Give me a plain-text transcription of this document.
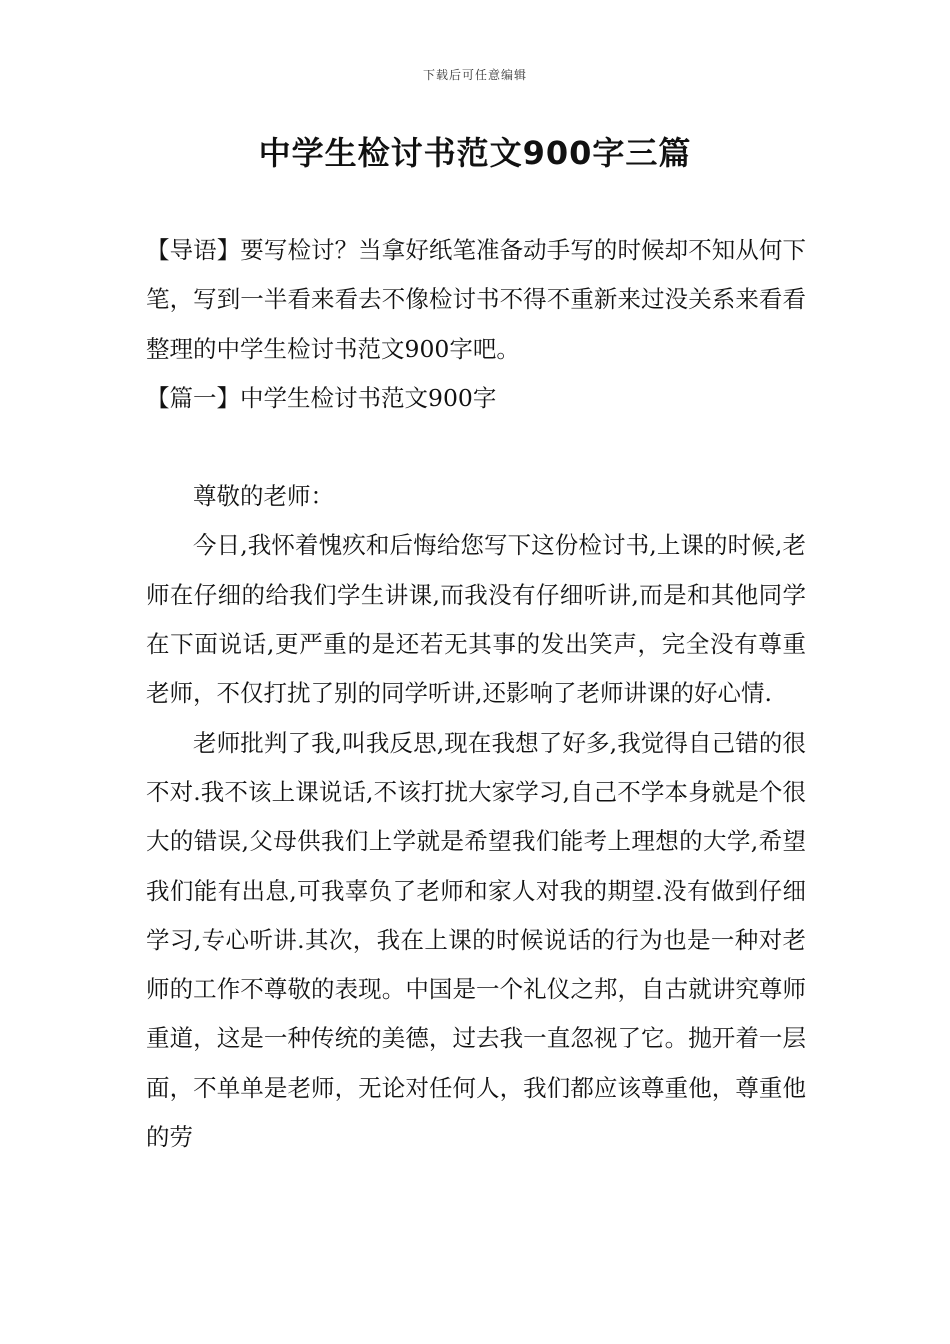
下载后可任意编辑
中学生检讨书范文900字三篇

【导语】要写检讨？当拿好纸笔准备动手写的时候却不知从何下笔，写到一半看来看去不像检讨书不得不重新来过没关系来看看整理的中学生检讨书范文900字吧。

【篇一】中学生检讨书范文900字

尊敬的老师：

今日,我怀着愧疚和后悔给您写下这份检讨书,上课的时候,老师在仔细的给我们学生讲课,而我没有仔细听讲,而是和其他同学在下面说话,更严重的是还若无其事的发出笑声，完全没有尊重老师，不仅打扰了别的同学听讲,还影响了老师讲课的好心情.

老师批判了我,叫我反思,现在我想了好多,我觉得自己错的很不对.我不该上课说话,不该打扰大家学习,自己不学本身就是个很大的错误,父母供我们上学就是希望我们能考上理想的大学,希望我们能有出息,可我辜负了老师和家人对我的期望.没有做到仔细学习,专心听讲.其次，我在上课的时候说话的行为也是一种对老师的工作不尊敬的表现。中国是一个礼仪之邦，自古就讲究尊师重道，这是一种传统的美德，过去我一直忽视了它。抛开着一层面，不单单是老师，无论对任何人，我们都应该尊重他，尊重他的劳
